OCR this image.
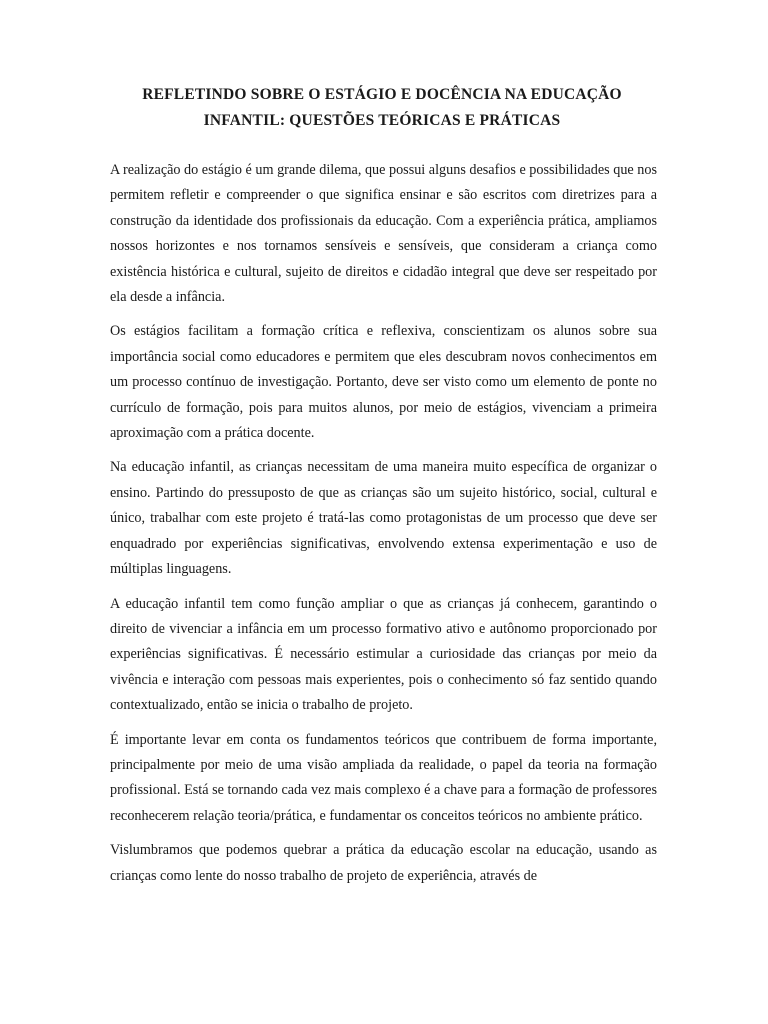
REFLETINDO SOBRE O ESTÁGIO E DOCÊNCIA NA EDUCAÇÃO
INFANTIL: QUESTÕES TEÓRICAS E PRÁTICAS

A realização do estágio é um grande dilema, que possui alguns desafios e possibilidades que nos permitem refletir e compreender o que significa ensinar e são escritos com diretrizes para a construção da identidade dos profissionais da educação. Com a experiência prática, ampliamos nossos horizontes e nos tornamos sensíveis e sensíveis, que consideram a criança como existência histórica e cultural, sujeito de direitos e cidadão integral que deve ser respeitado por ela desde a infância.

Os estágios facilitam a formação crítica e reflexiva, conscientizam os alunos sobre sua importância social como educadores e permitem que eles descubram novos conhecimentos em um processo contínuo de investigação. Portanto, deve ser visto como um elemento de ponte no currículo de formação, pois para muitos alunos, por meio de estágios, vivenciam a primeira aproximação com a prática docente.

Na educação infantil, as crianças necessitam de uma maneira muito específica de organizar o ensino. Partindo do pressuposto de que as crianças são um sujeito histórico, social, cultural e único, trabalhar com este projeto é tratá-las como protagonistas de um processo que deve ser enquadrado por experiências significativas, envolvendo extensa experimentação e uso de múltiplas linguagens.

A educação infantil tem como função ampliar o que as crianças já conhecem, garantindo o direito de vivenciar a infância em um processo formativo ativo e autônomo proporcionado por experiências significativas. É necessário estimular a curiosidade das crianças por meio da vivência e interação com pessoas mais experientes, pois o conhecimento só faz sentido quando contextualizado, então se inicia o trabalho de projeto.

É importante levar em conta os fundamentos teóricos que contribuem de forma importante, principalmente por meio de uma visão ampliada da realidade, o papel da teoria na formação profissional. Está se tornando cada vez mais complexo é a chave para a formação de professores reconhecerem relação teoria/prática, e fundamentar os conceitos teóricos no ambiente prático.

Vislumbramos que podemos quebrar a prática da educação escolar na educação, usando as crianças como lente do nosso trabalho de projeto de experiência, através de
